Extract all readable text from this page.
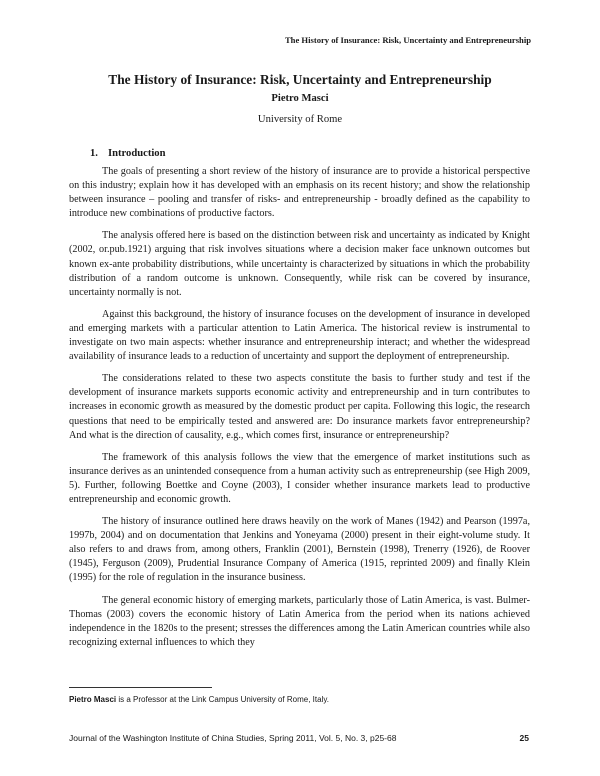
The History of Insurance: Risk, Uncertainty and Entrepreneurship
The History of Insurance: Risk, Uncertainty and Entrepreneurship
Pietro Masci
University of Rome
1. Introduction

The goals of presenting a short review of the history of insurance are to provide a historical perspective on this industry; explain how it has developed with an emphasis on its recent history; and show the relationship between insurance – pooling and transfer of risks- and entrepreneurship - broadly defined as the capability to introduce new combinations of productive factors.

The analysis offered here is based on the distinction between risk and uncertainty as indicated by Knight (2002, or.pub.1921) arguing that risk involves situations where a decision maker face unknown outcomes but known ex-ante probability distributions, while uncertainty is characterized by situations in which the probability distribution of a random outcome is unknown. Consequently, while risk can be covered by insurance, uncertainty normally is not.

Against this background, the history of insurance focuses on the development of insurance in developed and emerging markets with a particular attention to Latin America. The historical review is instrumental to investigate on two main aspects: whether insurance and entrepreneurship interact; and whether the widespread availability of insurance leads to a reduction of uncertainty and support the deployment of entrepreneurship.

The considerations related to these two aspects constitute the basis to further study and test if the development of insurance markets supports economic activity and entrepreneurship and in turn contributes to increases in economic growth as measured by the domestic product per capita. Following this logic, the research questions that need to be empirically tested and answered are: Do insurance markets favor entrepreneurship? And what is the direction of causality, e.g., which comes first, insurance or entrepreneurship?

The framework of this analysis follows the view that the emergence of market institutions such as insurance derives as an unintended consequence from a human activity such as entrepreneurship (see High 2009, 5). Further, following Boettke and Coyne (2003), I consider whether insurance markets lead to productive entrepreneurship and economic growth.

The history of insurance outlined here draws heavily on the work of Manes (1942) and Pearson (1997a, 1997b, 2004) and on documentation that Jenkins and Yoneyama (2000) present in their eight-volume study. It also refers to and draws from, among others, Franklin (2001), Bernstein (1998), Trenerry (1926), de Roover (1945), Ferguson (2009), Prudential Insurance Company of America (1915, reprinted 2009) and finally Klein (1995) for the role of regulation in the insurance business.

The general economic history of emerging markets, particularly those of Latin America, is vast. Bulmer-Thomas (2003) covers the economic history of Latin America from the period when its nations achieved independence in the 1820s to the present; stresses the differences among the Latin American countries while also recognizing external influences to which they

Pietro Masci is a Professor at the Link Campus University of Rome, Italy.
Journal of the Washington Institute of China Studies, Spring 2011, Vol. 5, No. 3, p25-68	25
